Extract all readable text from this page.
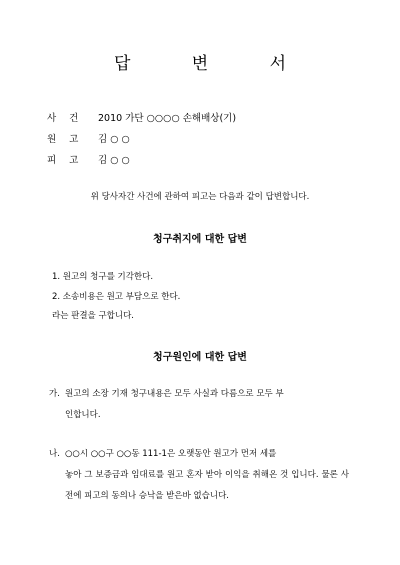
답 변 서
사건 2010 가단 ○○○○ 손해배상(기)
원고 김 ○ ○
피고 김 ○ ○
위 당사자간 사건에 관하여 피고는 다음과 같이 답변합니다.
청구취지에 대한 답변
1. 원고의 청구를 기각한다.
2. 소송비용은 원고 부담으로 한다.
라는 판결을 구합니다.
청구원인에 대한 답변
가. 원고의 소장 기재 청구내용은 모두 사실과 다름으로 모두 부
인합니다.
나. ○○시 ○○구 ○○동 111-1은 오랫동안 원고가 먼저 세를
놓아 그 보증금과 임대료를 원고 혼자 받아 이익을 취해온 것 입니다. 물론 사전에 피고의 동의나 승낙을 받은바 없습니다.
